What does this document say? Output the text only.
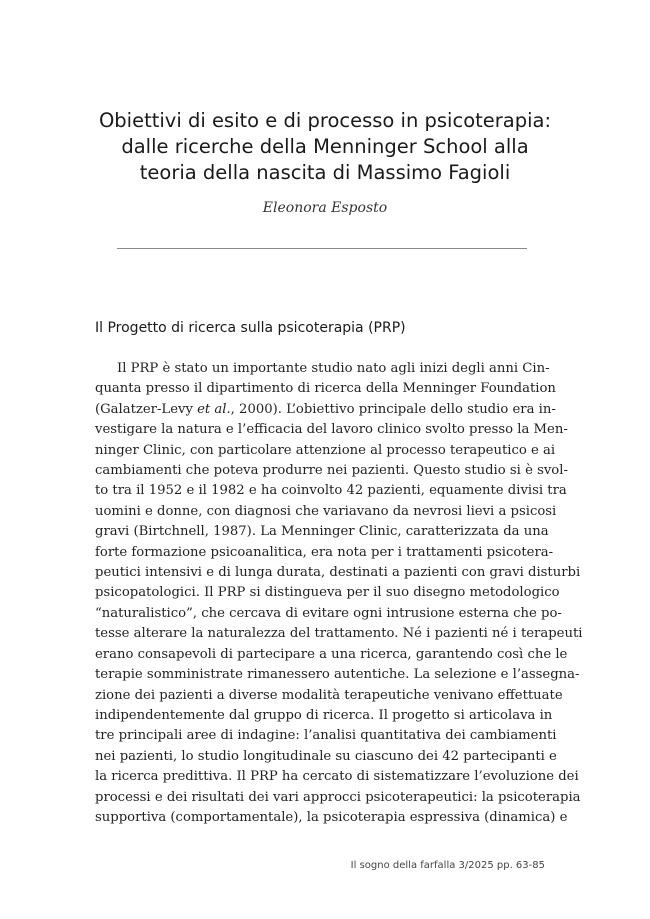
Obiettivi di esito e di processo in psicoterapia:
dalle ricerche della Menninger School alla
teoria della nascita di Massimo Fagioli
Eleonora Esposto
Il Progetto di ricerca sulla psicoterapia (PRP)
Il PRP è stato un importante studio nato agli inizi degli anni Cin-
quanta presso il dipartimento di ricerca della Menninger Foundation
(Galatzer-Levy et al., 2000). L’obiettivo principale dello studio era in-
vestigare la natura e l’efficacia del lavoro clinico svolto presso la Men-
ninger Clinic, con particolare attenzione al processo terapeutico e ai
cambiamenti che poteva produrre nei pazienti. Questo studio si è svol-
to tra il 1952 e il 1982 e ha coinvolto 42 pazienti, equamente divisi tra
uomini e donne, con diagnosi che variavano da nevrosi lievi a psicosi
gravi (Birtchnell, 1987). La Menninger Clinic, caratterizzata da una
forte formazione psicoanalitica, era nota per i trattamenti psicotera-
peutici intensivi e di lunga durata, destinati a pazienti con gravi disturbi
psicopatologici. Il PRP si distingueva per il suo disegno metodologico
“naturalistico”, che cercava di evitare ogni intrusione esterna che po-
tesse alterare la naturalezza del trattamento. Né i pazienti né i terapeuti
erano consapevoli di partecipare a una ricerca, garantendo così che le
terapie somministrate rimanessero autentiche. La selezione e l’assegna-
zione dei pazienti a diverse modalità terapeutiche venivano effettuate
indipendentemente dal gruppo di ricerca. Il progetto si articolava in
tre principali aree di indagine: l’analisi quantitativa dei cambiamenti
nei pazienti, lo studio longitudinale su ciascuno dei 42 partecipanti e
la ricerca predittiva. Il PRP ha cercato di sistematizzare l’evoluzione dei
processi e dei risultati dei vari approcci psicoterapeutici: la psicoterapia
supportiva (comportamentale), la psicoterapia espressiva (dinamica) e
Il sogno della farfalla 3/2025 pp. 63-85
